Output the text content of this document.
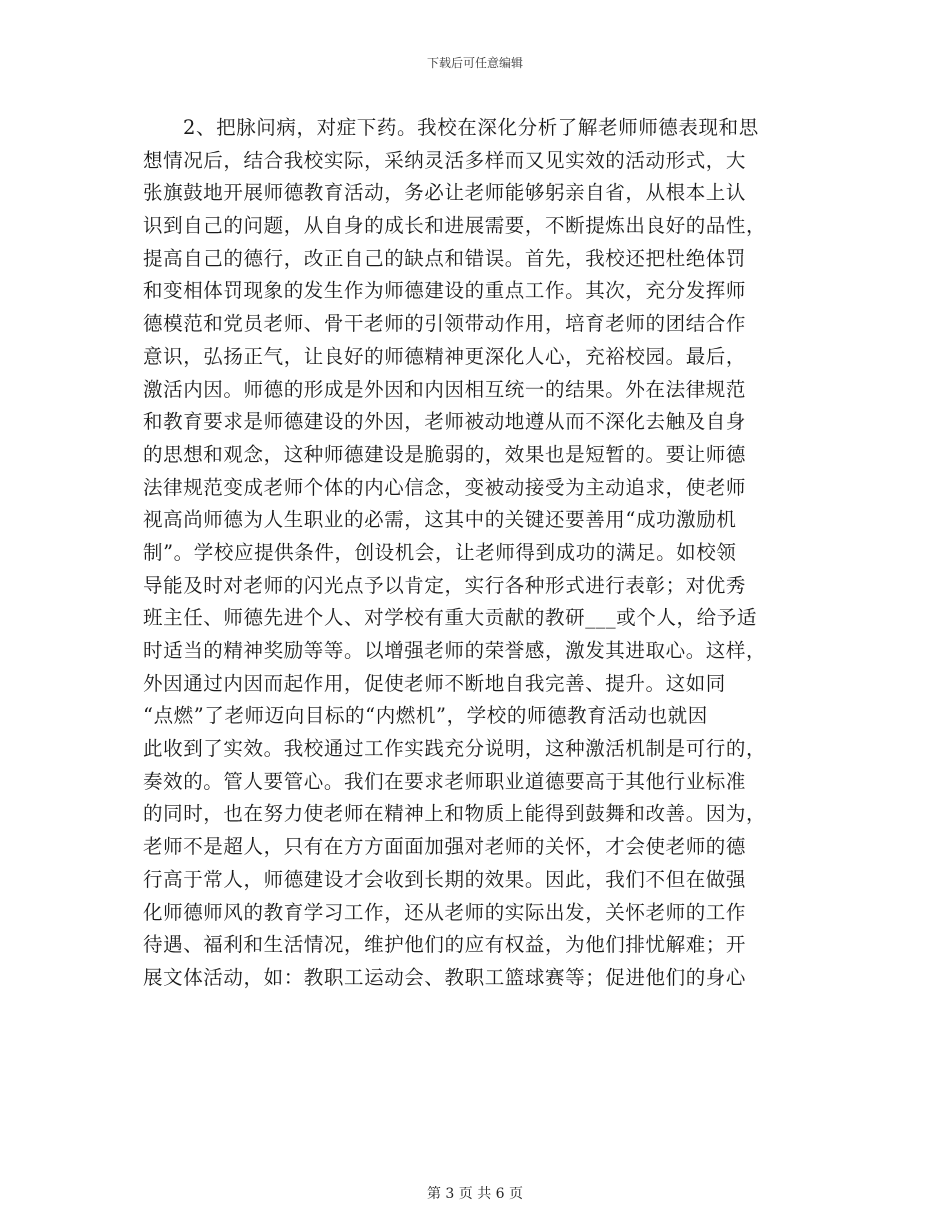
下载后可任意编辑
2、把脉问病，对症下药。我校在深化分析了解老师师德表现和思
想情况后，结合我校实际，采纳灵活多样而又见实效的活动形式，大
张旗鼓地开展师德教育活动，务必让老师能够躬亲自省，从根本上认
识到自己的问题，从自身的成长和进展需要，不断提炼出良好的品性，
提高自己的德行，改正自己的缺点和错误。首先，我校还把杜绝体罚
和变相体罚现象的发生作为师德建设的重点工作。其次，充分发挥师
德模范和党员老师、骨干老师的引领带动作用，培育老师的团结合作
意识，弘扬正气，让良好的师德精神更深化人心，充裕校园。最后，
激活内因。师德的形成是外因和内因相互统一的结果。外在法律规范
和教育要求是师德建设的外因，老师被动地遵从而不深化去触及自身
的思想和观念，这种师德建设是脆弱的，效果也是短暂的。要让师德
法律规范变成老师个体的内心信念，变被动接受为主动追求，使老师
视高尚师德为人生职业的必需，这其中的关键还要善用“成功激励机
制”。学校应提供条件，创设机会，让老师得到成功的满足。如校领
导能及时对老师的闪光点予以肯定，实行各种形式进行表彰；对优秀
班主任、师德先进个人、对学校有重大贡献的教研___或个人，给予适
时适当的精神奖励等等。以增强老师的荣誉感，激发其进取心。这样，
外因通过内因而起作用，促使老师不断地自我完善、提升。这如同
“点燃”了老师迈向目标的“内燃机”，学校的师德教育活动也就因
此收到了实效。我校通过工作实践充分说明，这种激活机制是可行的，
奏效的。管人要管心。我们在要求老师职业道德要高于其他行业标准
的同时，也在努力使老师在精神上和物质上能得到鼓舞和改善。因为，
老师不是超人，只有在方方面面加强对老师的关怀，才会使老师的德
行高于常人，师德建设才会收到长期的效果。因此，我们不但在做强
化师德师风的教育学习工作，还从老师的实际出发，关怀老师的工作
待遇、福利和生活情况，维护他们的应有权益，为他们排忧解难；开
展文体活动，如：教职工运动会、教职工篮球赛等；促进他们的身心
第 3 页 共 6 页
